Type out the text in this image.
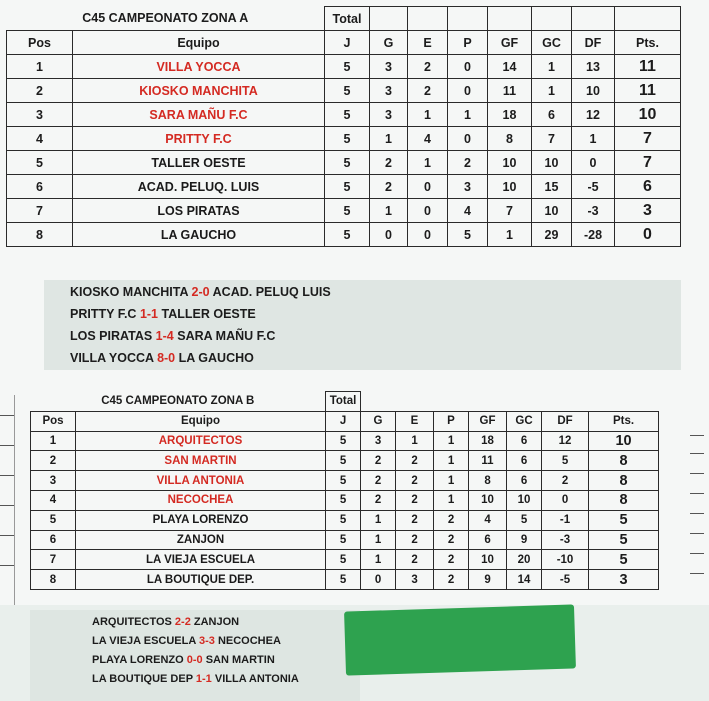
C45 CAMPEONATO ZONA A		Total							
Pos	Equipo	J	G	E	P	GF	GC	DF	Pts.
1	VILLA YOCCA	5	3	2	0	14	1	13	11
2	KIOSKO MANCHITA	5	3	2	0	11	1	10	11
3	SARA MAÑU F.C	5	3	1	1	18	6	12	10
4	PRITTY F.C	5	1	4	0	8	7	1	7
5	TALLER OESTE	5	2	1	2	10	10	0	7
6	ACAD. PELUQ. LUIS	5	2	0	3	10	15	-5	6
7	LOS PIRATAS	5	1	0	4	7	10	-3	3
8	LA GAUCHO	5	0	0	5	1	29	-28	0
KIOSKO MANCHITA 2-0 ACAD. PELUQ LUIS
PRITTY F.C 1-1 TALLER OESTE
LOS PIRATAS 1-4 SARA MAÑU F.C
VILLA YOCCA 8-0 LA GAUCHO
C45 CAMPEONATO ZONA B		Total							
Pos	Equipo	J	G	E	P	GF	GC	DF	Pts.
1	ARQUITECTOS	5	3	1	1	18	6	12	10
2	SAN MARTIN	5	2	2	1	11	6	5	8
3	VILLA ANTONIA	5	2	2	1	8	6	2	8
4	NECOCHEA	5	2	2	1	10	10	0	8
5	PLAYA LORENZO	5	1	2	2	4	5	-1	5
6	ZANJON	5	1	2	2	6	9	-3	5
7	LA VIEJA ESCUELA	5	1	2	2	10	20	-10	5
8	LA BOUTIQUE DEP.	5	0	3	2	9	14	-5	3
ARQUITECTOS 2-2 ZANJON
LA VIEJA ESCUELA 3-3 NECOCHEA
PLAYA LORENZO 0-0 SAN MARTIN
LA BOUTIQUE DEP 1-1 VILLA ANTONIA
